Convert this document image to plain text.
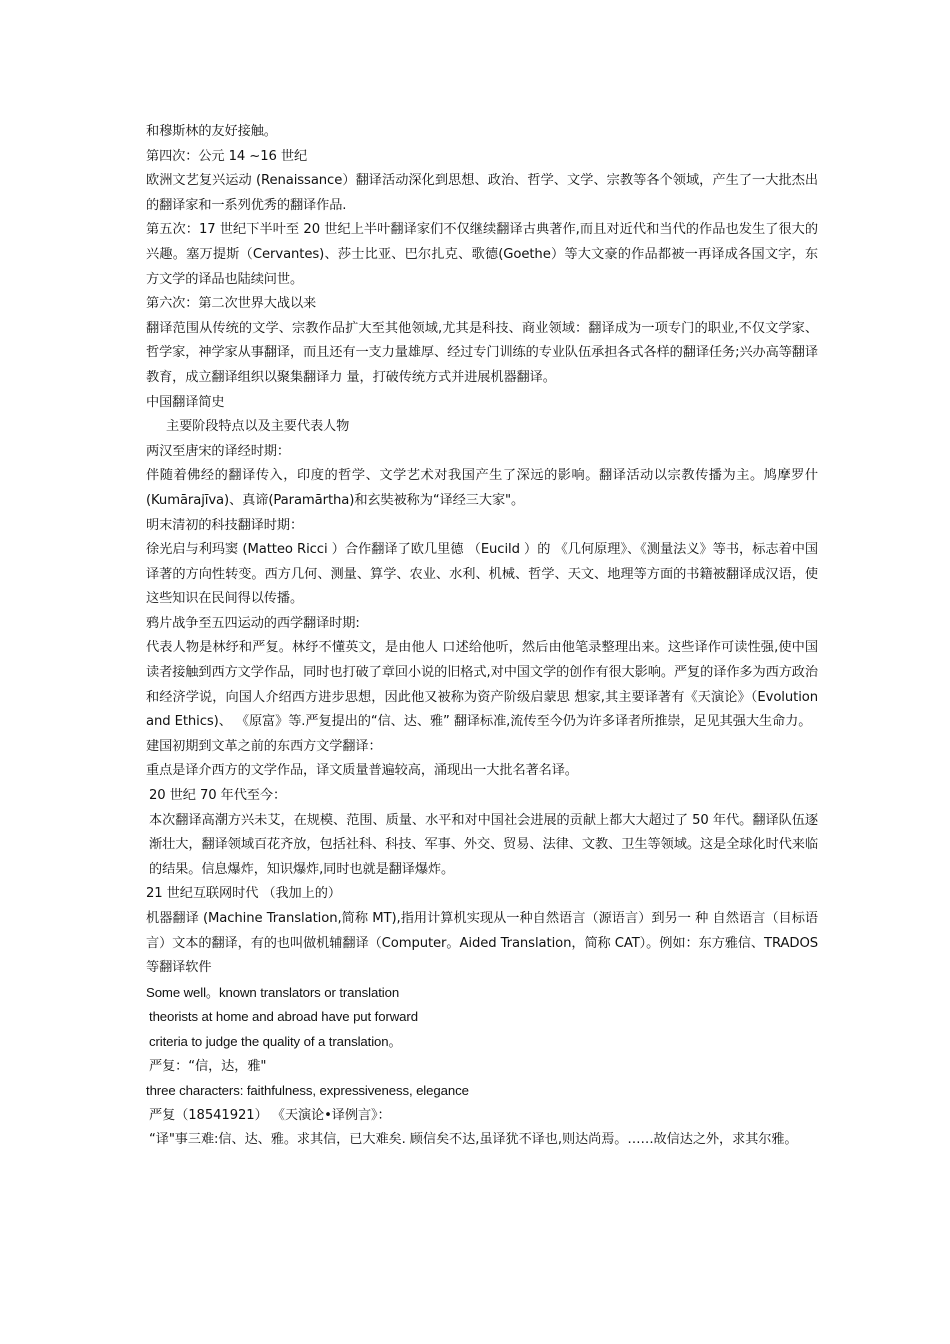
和穆斯林的友好接触。

第四次：公元 14 ~16 世纪

欧洲文艺复兴运动 (Renaissance）翻译活动深化到思想、政治、哲学、文学、宗教等各个领域，产生了一大批杰出的翻译家和一系列优秀的翻译作品.

第五次：17 世纪下半叶至 20 世纪上半叶翻译家们不仅继续翻译古典著作,而且对近代和当代的作品也发生了很大的兴趣。塞万提斯（Cervantes)、莎士比亚、巴尔扎克、歌德(Goethe）等大文豪的作品都被一再译成各国文字，东方文学的译品也陆续问世。

第六次：第二次世界大战以来

翻译范围从传统的文学、宗教作品扩大至其他领域,尤其是科技、商业领域：翻译成为一项专门的职业,不仅文学家、哲学家，神学家从事翻译，而且还有一支力量雄厚、经过专门训练的专业队伍承担各式各样的翻译任务;兴办高等翻译教育，成立翻译组织以聚集翻译力 量，打破传统方式并进展机器翻译。

中国翻译简史

主要阶段特点以及主要代表人物

两汉至唐宋的译经时期：

伴随着佛经的翻译传入，印度的哲学、文学艺术对我国产生了深远的影响。翻译活动以宗教传播为主。鸠摩罗什 (Kumārajīva)、真谛(Paramārtha)和玄奘被称为“译经三大家"。

明末清初的科技翻译时期：

徐光启与利玛窦 (Matteo Ricci ）合作翻译了欧几里德 （Eucild ）的 《几何原理》、《测量法义》等书，标志着中国译著的方向性转变。西方几何、测量、算学、农业、水利、机械、哲学、天文、地理等方面的书籍被翻译成汉语，使这些知识在民间得以传播。

鸦片战争至五四运动的西学翻译时期:

代表人物是林纾和严复。林纾不懂英文，是由他人 口述给他听，然后由他笔录整理出来。这些译作可读性强,使中国读者接触到西方文学作品，同时也打破了章回小说的旧格式,对中国文学的创作有很大影响。严复的译作多为西方政治和经济学说，向国人介绍西方进步思想，因此他又被称为资产阶级启蒙思 想家,其主要译著有《天演论》（Evolution and Ethics)、 《原富》等.严复提出的“信、达、雅” 翻译标准,流传至今仍为许多译者所推崇，足见其强大生命力。

建国初期到文革之前的东西方文学翻译：

重点是译介西方的文学作品，译文质量普遍较高，涌现出一大批名著名译。

20 世纪 70 年代至今：

本次翻译高潮方兴未艾，在规模、范围、质量、水平和对中国社会进展的贡献上都大大超过了 50 年代。翻译队伍逐渐壮大，翻译领域百花齐放，包括社科、科技、军事、外交、贸易、法律、文教、卫生等领域。这是全球化时代来临的结果。信息爆炸，知识爆炸,同时也就是翻译爆炸。

21 世纪互联网时代 （我加上的）

机器翻译 (Machine Translation,简称 MT),指用计算机实现从一种自然语言（源语言）到另一 种 自然语言（目标语言）文本的翻译，有的也叫做机辅翻译（Computer。Aided Translation，简称 CAT）。例如：东方雅信、TRADOS 等翻译软件

Some well。known translators or translation

theorists at home and abroad have put forward

criteria to judge the quality of a translation。

严复：“信，达，雅"

three characters: faithfulness, expressiveness, elegance

严复（18541921） 《天演论•译例言》：

“译"事三难:信、达、雅。求其信，已大难矣. 顾信矣不达,虽译犹不译也,则达尚焉。……故信达之外，求其尔雅。
